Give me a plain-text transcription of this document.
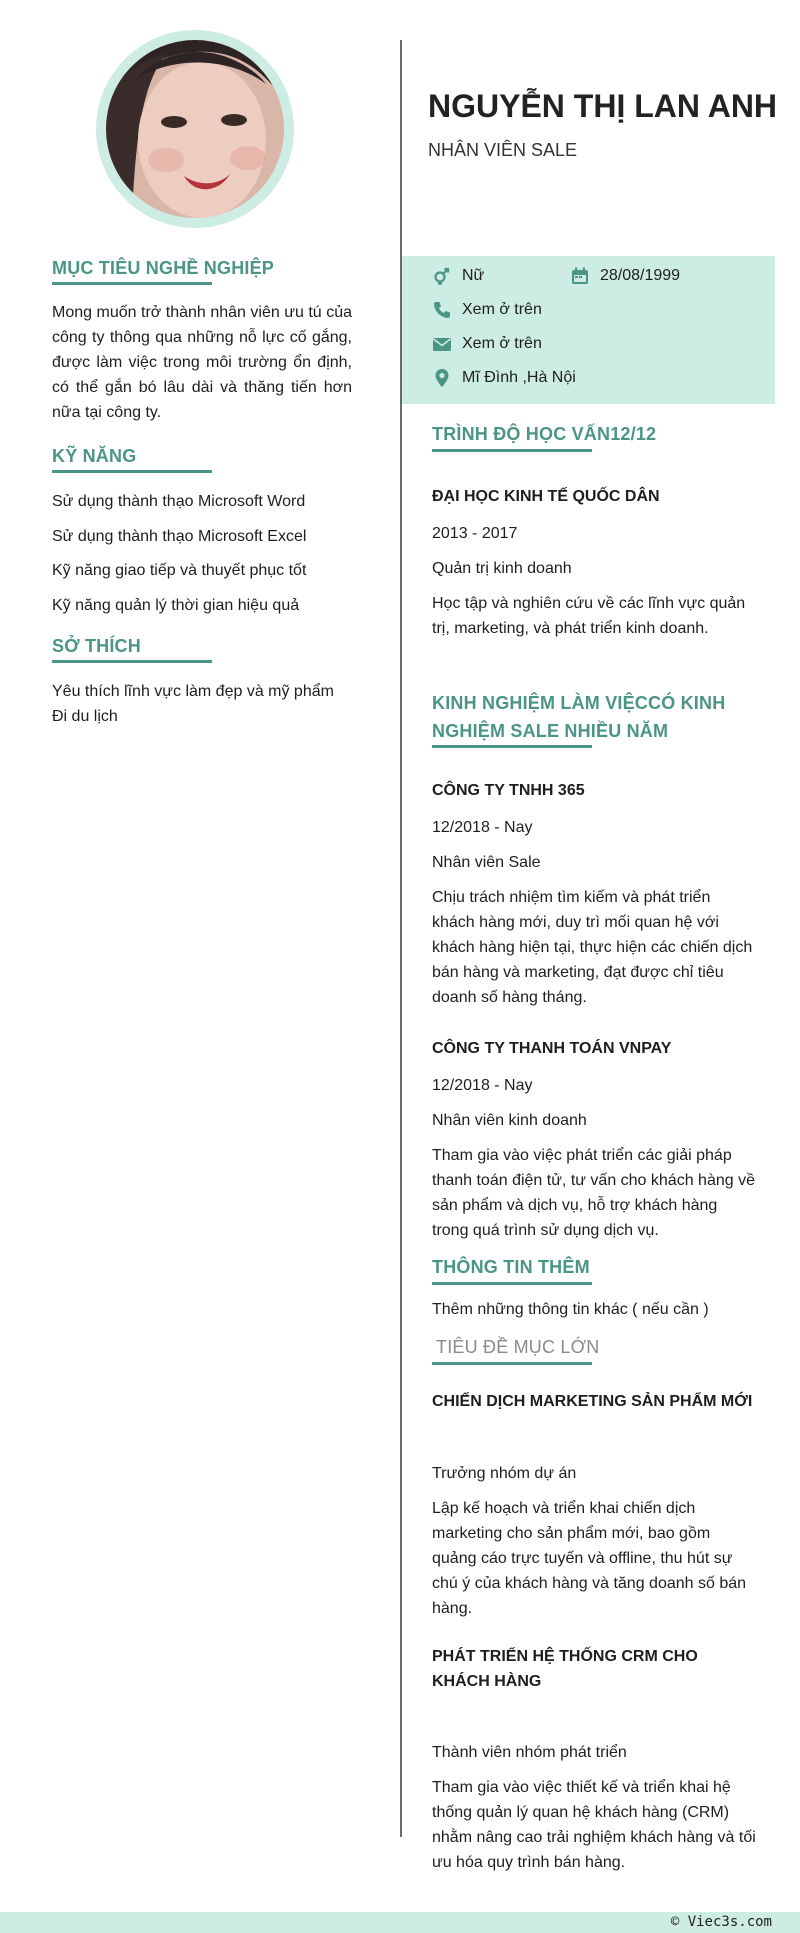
MỤC TIÊU NGHỀ NGHIỆP
Mong muốn trở thành nhân viên ưu tú của công ty thông qua những nỗ lực cố gắng, được làm việc trong môi trường ổn định, có thể gắn bó lâu dài và thăng tiến hơn nữa tại công ty.
KỸ NĂNG
Sử dụng thành thạo Microsoft Word
Sử dụng thành thạo Microsoft Excel
Kỹ năng giao tiếp và thuyết phục tốt
Kỹ năng quản lý thời gian hiệu quả
SỞ THÍCH
Yêu thích lĩnh vực làm đẹp và mỹ phẩm
Đi du lịch
NGUYỄN THỊ LAN ANH
NHÂN VIÊN SALE
Nữ	28/08/1999
Xem ở trên
Xem ở trên
Mĩ Đình ,Hà Nội
TRÌNH ĐỘ HỌC VẤN12/12
ĐẠI HỌC KINH TẾ QUỐC DÂN
2013 - 2017
Quản trị kinh doanh
Học tập và nghiên cứu về các lĩnh vực quản trị, marketing, và phát triển kinh doanh.
KINH NGHIỆM LÀM VIỆCCÓ KINH NGHIỆM SALE NHIỀU NĂM
CÔNG TY TNHH 365
12/2018 - Nay
Nhân viên Sale
Chịu trách nhiệm tìm kiếm và phát triển khách hàng mới, duy trì mối quan hệ với khách hàng hiện tại, thực hiện các chiến dịch bán hàng và marketing, đạt được chỉ tiêu doanh số hàng tháng.
CÔNG TY THANH TOÁN VNPAY
12/2018 - Nay
Nhân viên kinh doanh
Tham gia vào việc phát triển các giải pháp thanh toán điện tử, tư vấn cho khách hàng về sản phẩm và dịch vụ, hỗ trợ khách hàng trong quá trình sử dụng dịch vụ.
THÔNG TIN THÊM
Thêm những thông tin khác ( nếu cần )
TIÊU ĐỀ MỤC LỚN
CHIẾN DỊCH MARKETING SẢN PHẨM MỚI
Trưởng nhóm dự án
Lập kế hoạch và triển khai chiến dịch marketing cho sản phẩm mới, bao gồm quảng cáo trực tuyến và offline, thu hút sự chú ý của khách hàng và tăng doanh số bán hàng.
PHÁT TRIỂN HỆ THỐNG CRM CHO KHÁCH HÀNG
Thành viên nhóm phát triển
Tham gia vào việc thiết kế và triển khai hệ thống quản lý quan hệ khách hàng (CRM) nhằm nâng cao trải nghiệm khách hàng và tối ưu hóa quy trình bán hàng.
© Viec3s.com
